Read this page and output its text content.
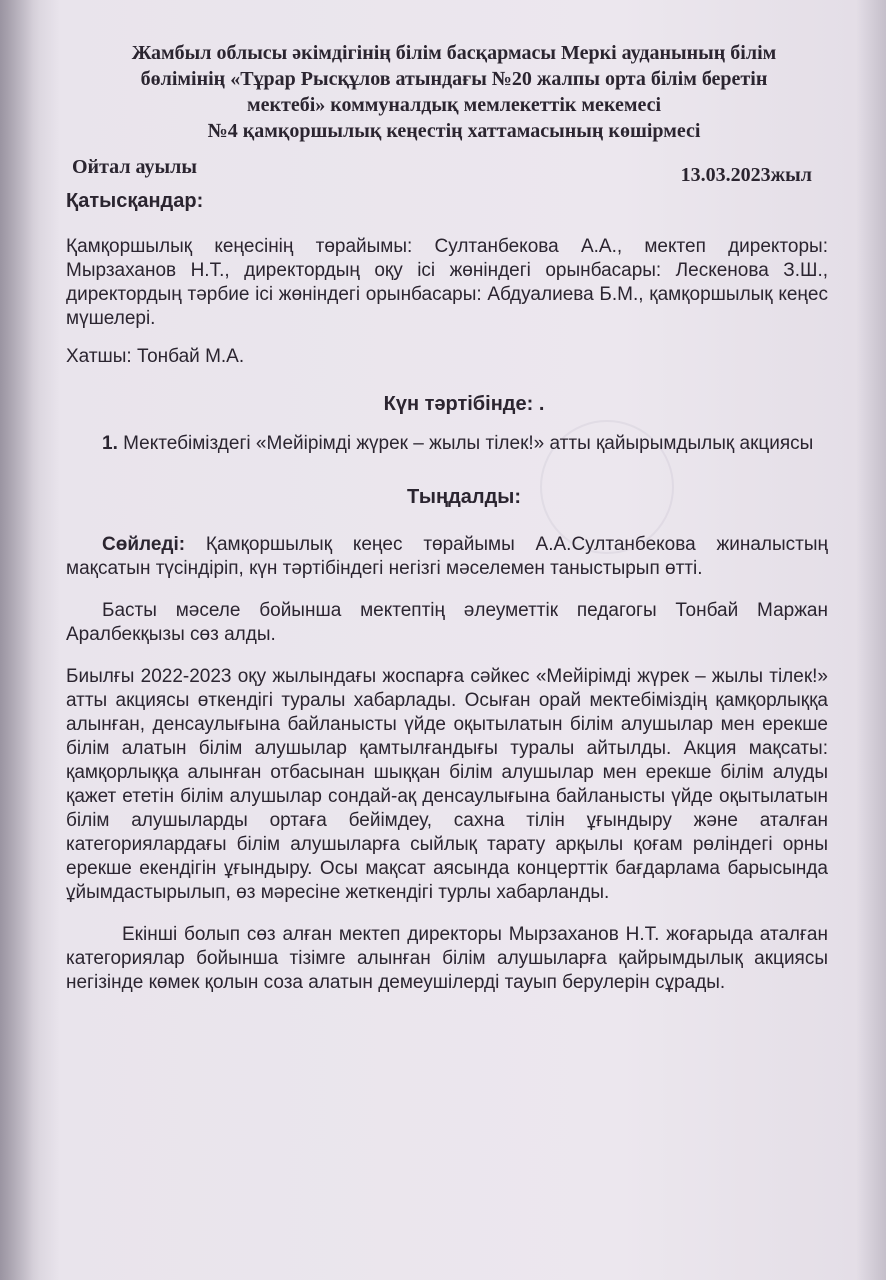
Жамбыл облысы әкімдігінің білім басқармасы Меркі ауданының білім
бөлімінің «Тұрар Рысқұлов атындағы №20 жалпы орта білім беретін
мектебі» коммуналдық мемлекеттік мекемесі
№4 қамқоршылық кеңестің хаттамасының көшірмесі
Ойтал ауылы	13.03.2023жыл
Қатысқандар:

Қамқоршылық кеңесінің төрайымы: Султанбекова А.А., мектеп директоры: Мырзаханов Н.Т., директордың оқу ісі жөніндегі орынбасары: Лескенова З.Ш., директордың тәрбие ісі жөніндегі орынбасары: Абдуалиева Б.М., қамқоршылық кеңес мүшелері.

Хатшы: Тонбай М.А.

Күн тәртібінде: .

1. Мектебіміздегі «Мейірімді жүрек – жылы тілек!» атты қайырымдылық акциясы

Тыңдалды:

Сөйледі: Қамқоршылық кеңес төрайымы А.А.Султанбекова жиналыстың мақсатын түсіндіріп, күн тәртібіндегі негізгі мәселемен таныстырып өтті.

Басты мәселе бойынша мектептің әлеуметтік педагогы Тонбай Маржан Аралбекқызы сөз алды.

Биылғы 2022-2023 оқу жылындағы жоспарға сәйкес «Мейірімді жүрек – жылы тілек!» атты акциясы өткендігі туралы хабарлады. Осыған орай мектебіміздің қамқорлыққа алынған, денсаулығына байланысты үйде оқытылатын білім алушылар мен ерекше білім алатын білім алушылар қамтылғандығы туралы айтылды. Акция мақсаты: қамқорлыққа алынған отбасынан шыққан білім алушылар мен ерекше білім алуды қажет ететін білім алушылар сондай-ақ денсаулығына байланысты үйде оқытылатын білім алушыларды ортаға бейімдеу, сахна тілін ұғындыру және аталған категориялардағы білім алушыларға сыйлық тарату арқылы қоғам рөліндегі орны ерекше екендігін ұғындыру. Осы мақсат аясында концерттік бағдарлама барысында ұйымдастырылып, өз мәресіне жеткендігі турлы хабарланды.

Екінші болып сөз алған мектеп директоры Мырзаханов Н.Т. жоғарыда аталған категориялар бойынша тізімге алынған білім алушыларға қайрымдылық акциясы негізінде көмек қолын соза алатын демеушілерді тауып берулерін сұрады.
